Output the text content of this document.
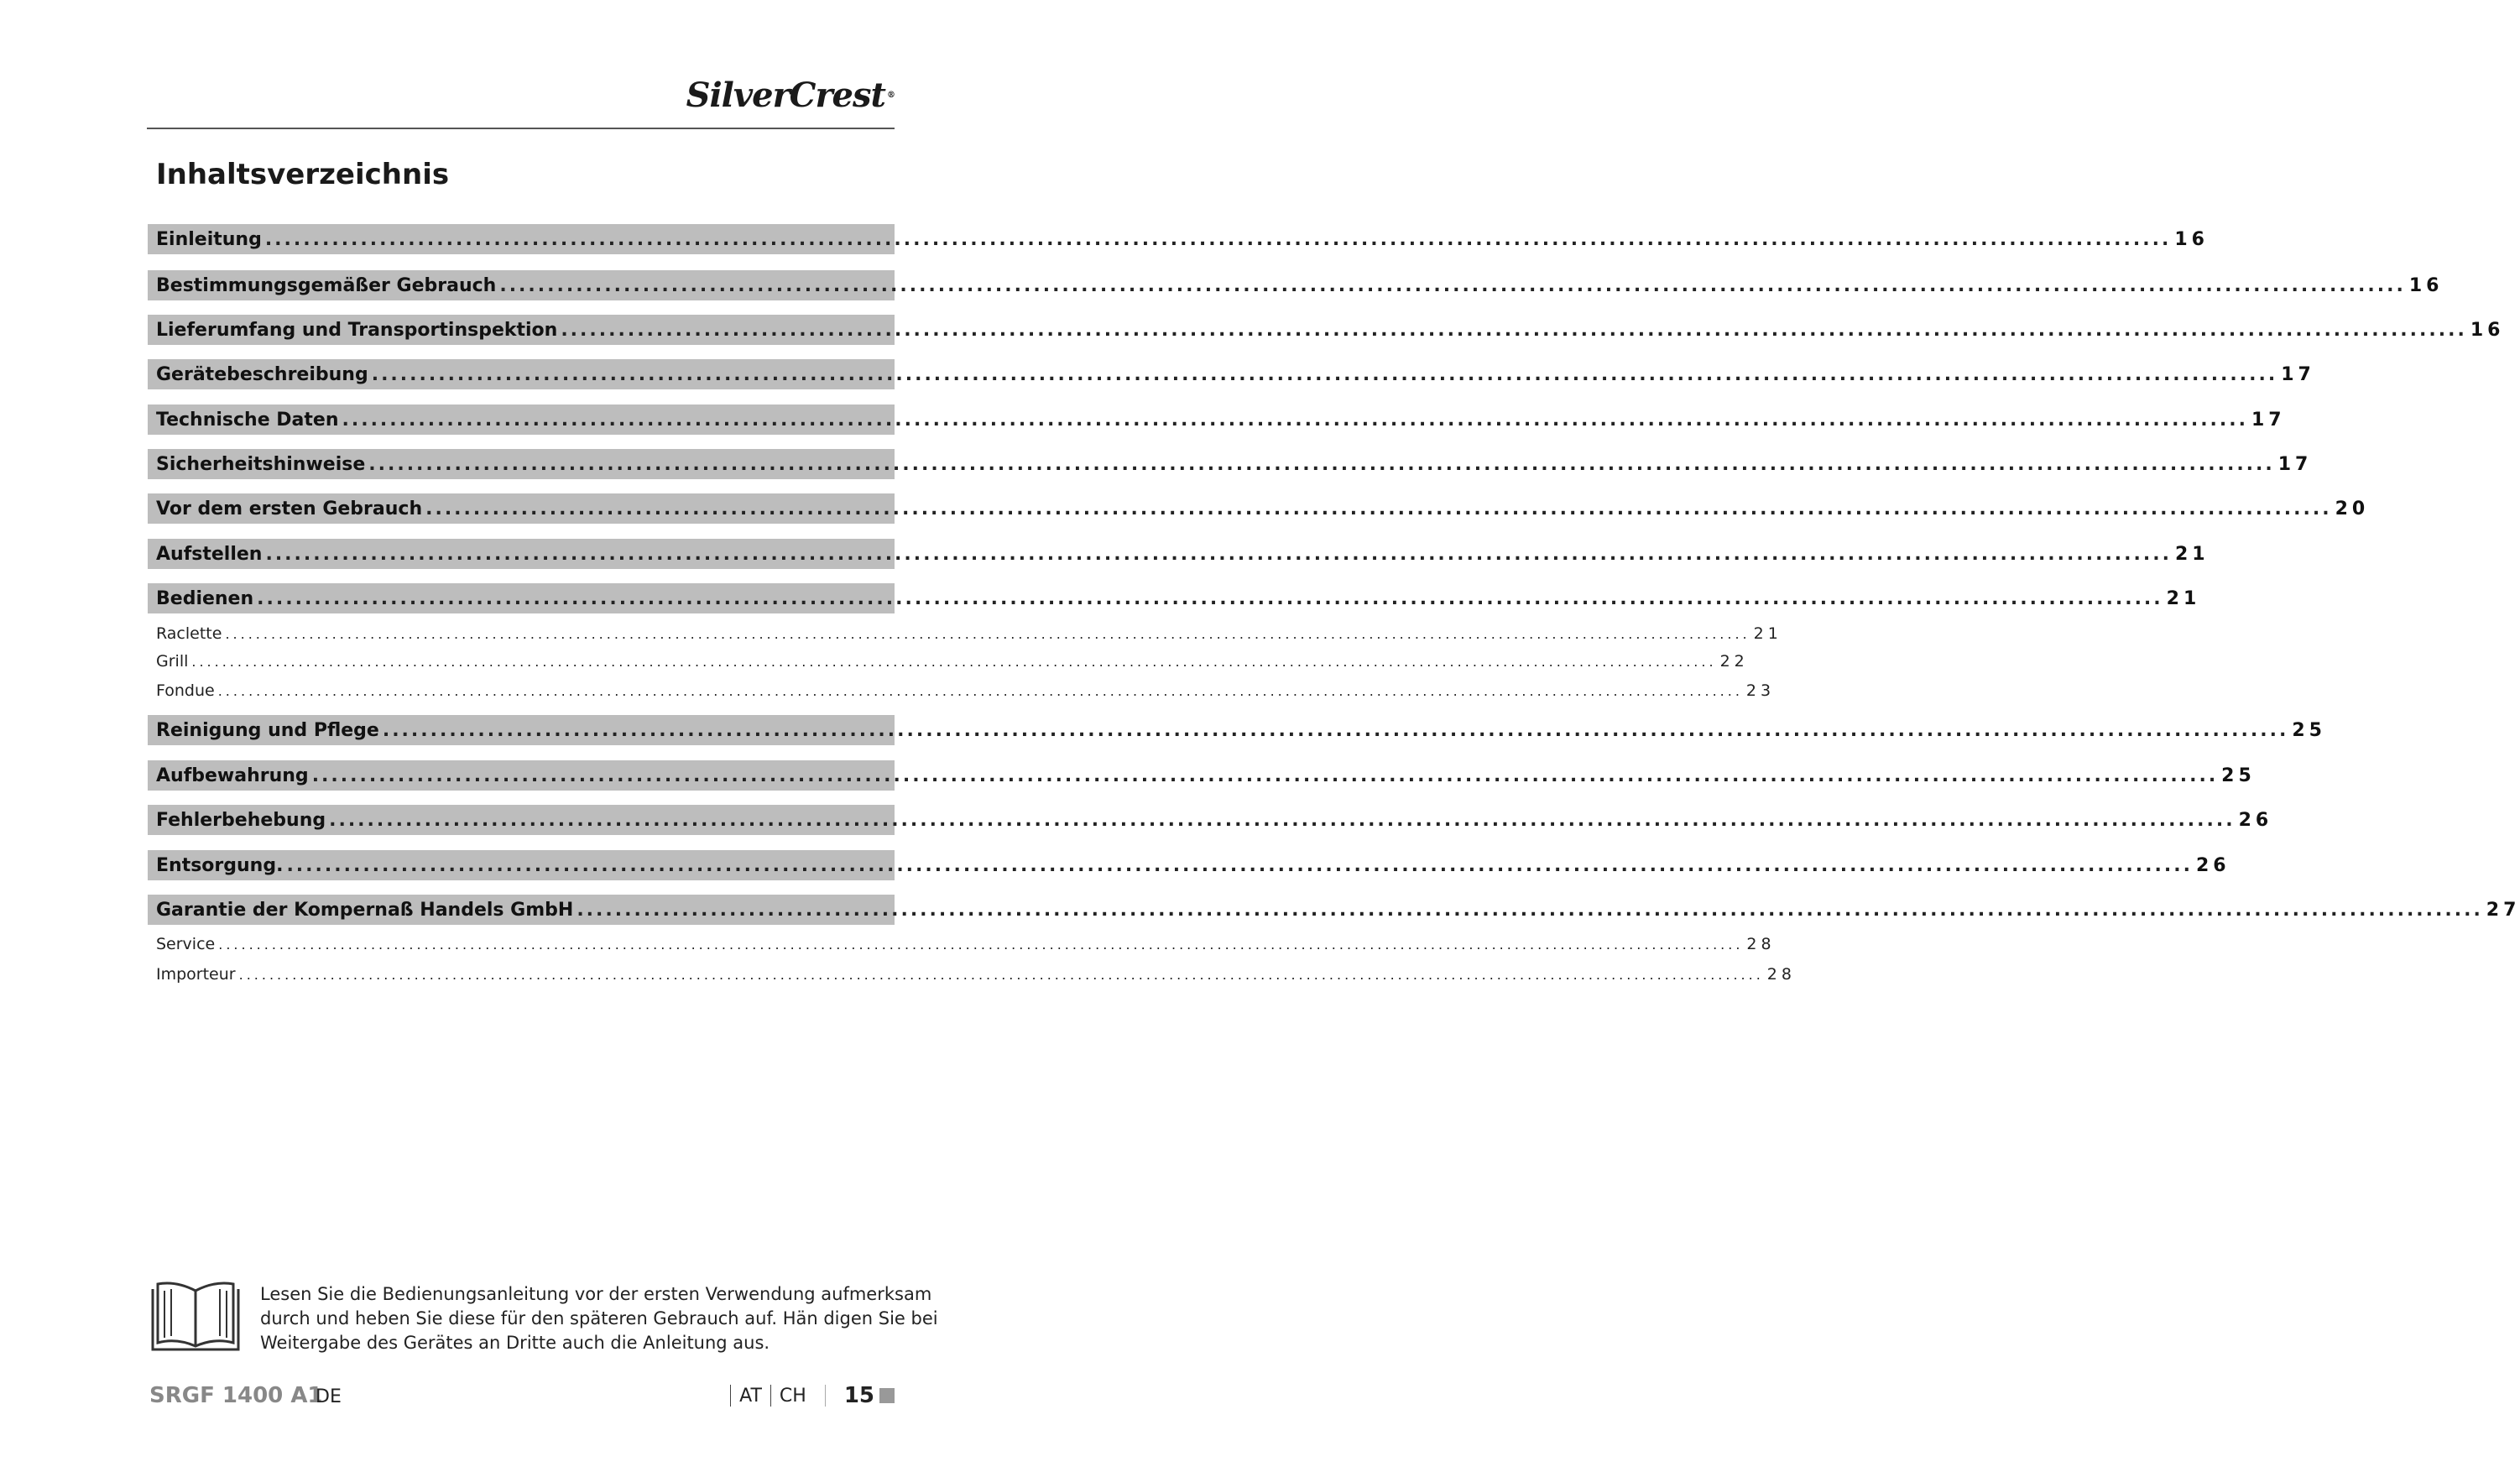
SilverCrest ®
Inhaltsverzeichnis
Einleitung ........................................................................................................................................................................................................ 16
Bestimmungsgemäßer Gebrauch ........................................................................................................................................................................................................ 16
Lieferumfang und Transportinspektion ........................................................................................................................................................................................................ 16
Gerätebeschreibung ........................................................................................................................................................................................................ 17
Technische Daten ........................................................................................................................................................................................................ 17
Sicherheitshinweise ........................................................................................................................................................................................................ 17
Vor dem ersten Gebrauch ........................................................................................................................................................................................................ 20
Aufstellen ........................................................................................................................................................................................................ 21
Bedienen ........................................................................................................................................................................................................ 21
Raclette ........................................................................................................................................................................................................ 21
Grill ........................................................................................................................................................................................................ 22
Fondue ........................................................................................................................................................................................................ 23
Reinigung und Pflege ........................................................................................................................................................................................................ 25
Aufbewahrung ........................................................................................................................................................................................................ 25
Fehlerbehebung ........................................................................................................................................................................................................ 26
Entsorgung. ........................................................................................................................................................................................................ 26
Garantie der Kompernaß Handels GmbH ........................................................................................................................................................................................................ 27
Service ........................................................................................................................................................................................................ 28
Importeur ........................................................................................................................................................................................................ 28
Lesen Sie die Bedienungsanleitung vor der ersten Verwendung aufmerksam
durch und heben Sie diese für den späteren Gebrauch auf. Hän digen Sie bei
Weitergabe des Gerätes an Dritte auch die Anleitung aus.
SRGF 1400 A1
DE	AT CH 15
